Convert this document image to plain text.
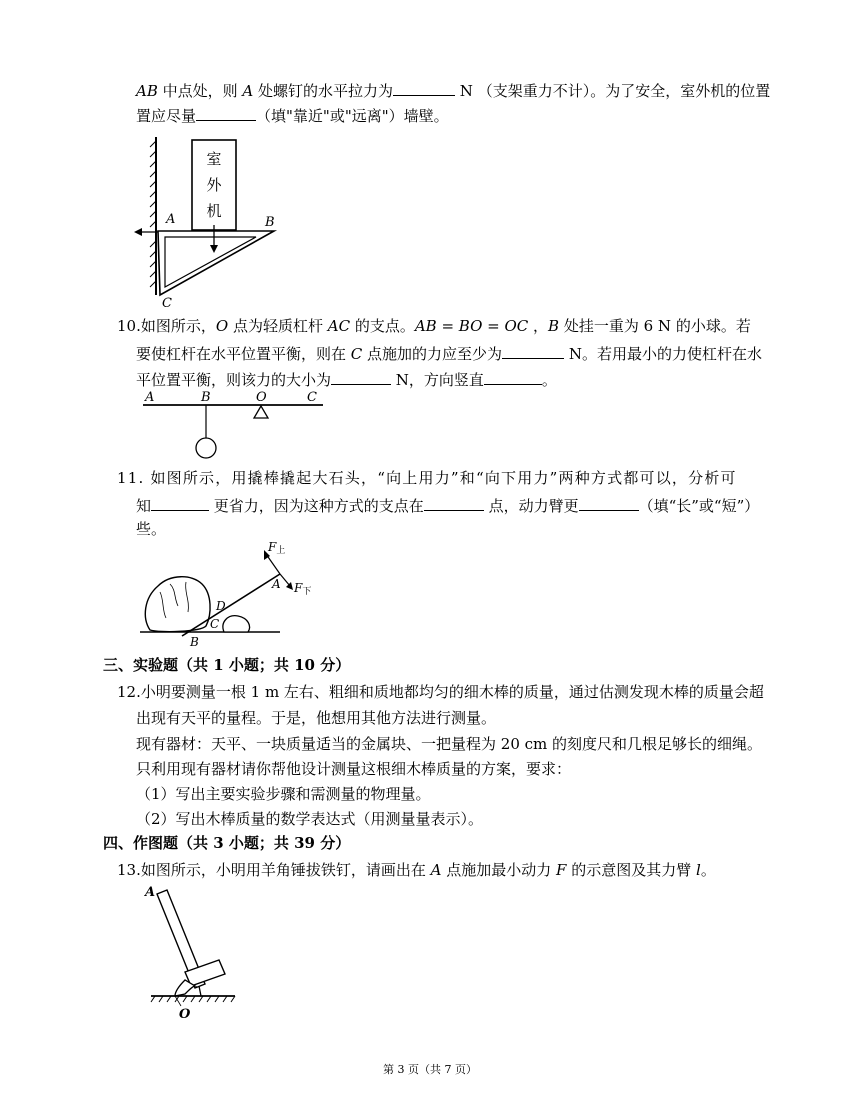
AB 中点处，则 A 处螺钉的水平拉力为	N （支架重力不计）。为了安全，室外机的位置
置应尽量	（填"靠近"或"远离"）墙壁。
室
外
机
A	B
C
10.如图所示，O 点为轻质杠杆 AC 的支点。AB = BO = OC ，B 处挂一重为 6 N 的小球。若
要使杠杆在水平位置平衡，则在 C 点施加的力应至少为	N。若用最小的力使杠杆在水
平位置平衡，则该力的大小为	N，方向竖直	。
A	B	O	C
11. 如图所示，用撬棒撬起大石头，“向上用力”和“向下用力”两种方式都可以，分析可
知	更省力，因为这种方式的支点在	点，动力臂更	（填“长”或“短”）
些。
F上
F下
A
D
C
B
三、实验题（共 1 小题；共 10 分）
12.小明要测量一根 1 m 左右、粗细和质地都均匀的细木棒的质量，通过估测发现木棒的质量会超
出现有天平的量程。于是，他想用其他方法进行测量。
现有器材：天平、一块质量适当的金属块、一把量程为 20 cm 的刻度尺和几根足够长的细绳。
只利用现有器材请你帮他设计测量这根细木棒质量的方案，要求：
（1）写出主要实验步骤和需测量的物理量。
（2）写出木棒质量的数学表达式（用测量量表示）。
四、作图题（共 3 小题；共 39 分）
13.如图所示，小明用羊角锤拔铁钉，请画出在 A 点施加最小动力 F 的示意图及其力臂 l。
A
O
第 3 页（共 7 页）
